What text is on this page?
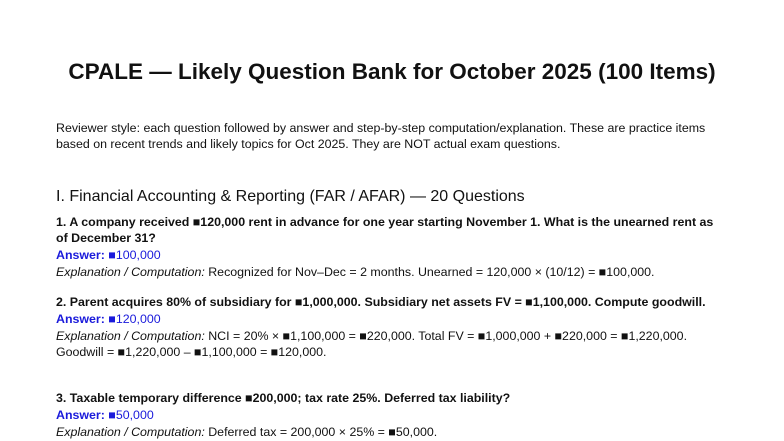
CPALE — Likely Question Bank for October 2025 (100 Items)

Reviewer style: each question followed by answer and step-by-step computation/explanation. These are practice items based on recent trends and likely topics for Oct 2025. They are NOT actual exam questions.

I. Financial Accounting & Reporting (FAR / AFAR) — 20 Questions

1. A company received ■120,000 rent in advance for one year starting November 1. What is the unearned rent as of December 31?

Answer: ■100,000

Explanation / Computation: Recognized for Nov–Dec = 2 months. Unearned = 120,000 × (10/12) = ■100,000.

2. Parent acquires 80% of subsidiary for ■1,000,000. Subsidiary net assets FV = ■1,100,000. Compute goodwill.

Answer: ■120,000

Explanation / Computation: NCI = 20% × ■1,100,000 = ■220,000. Total FV = ■1,000,000 + ■220,000 = ■1,220,000. Goodwill = ■1,220,000 – ■1,100,000 = ■120,000.

3. Taxable temporary difference ■200,000; tax rate 25%. Deferred tax liability?

Answer: ■50,000

Explanation / Computation: Deferred tax = 200,000 × 25% = ■50,000.
